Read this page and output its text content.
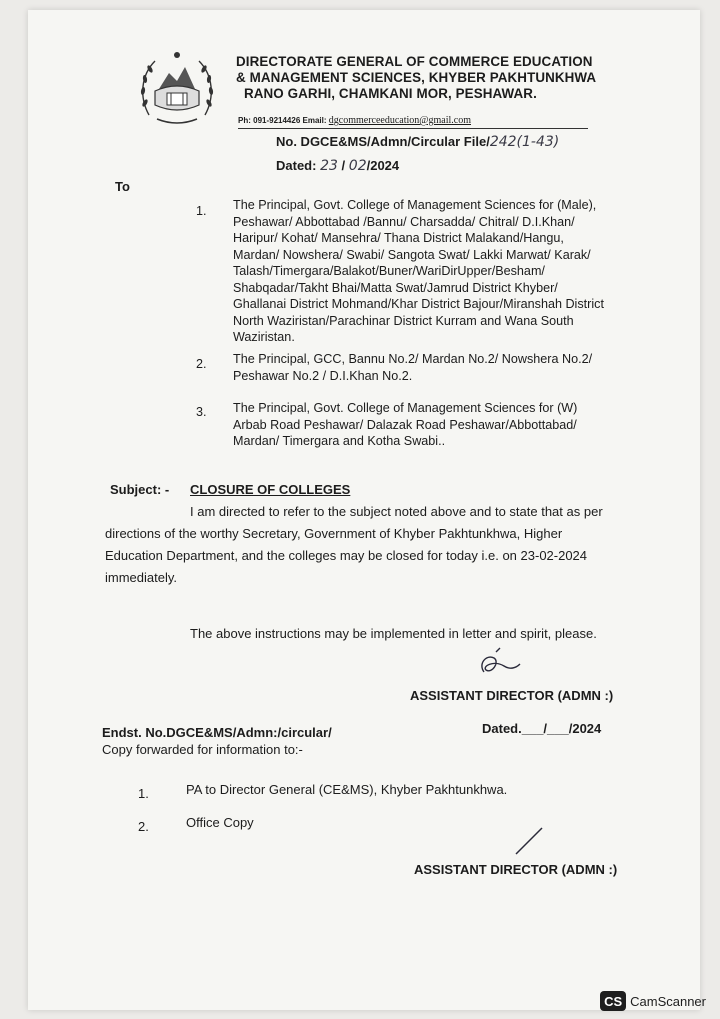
DIRECTORATE GENERAL OF COMMERCE EDUCATION
& MANAGEMENT SCIENCES, KHYBER PAKHTUNKHWA
RANO GARHI, CHAMKANI MOR, PESHAWAR.
Ph: 091-9214426 Email: dgcommerceeducation@gmail.com
No. DGCE&MS/Admn/Circular File/242(1-43)
Dated: 23 / 02/2024
To
1. The Principal, Govt. College of Management Sciences for (Male),
Peshawar/ Abbottabad /Bannu/ Charsadda/ Chitral/ D.I.Khan/
Haripur/ Kohat/ Mansehra/ Thana District Malakand/Hangu,
Mardan/ Nowshera/ Swabi/ Sangota Swat/ Lakki Marwat/ Karak/
Talash/Timergara/Balakot/Buner/WariDirUpper/Besham/
Shabqadar/Takht Bhai/Matta Swat/Jamrud District Khyber/
Ghallanai District Mohmand/Khar District Bajour/Miranshah District
North Waziristan/Parachinar District Kurram and Wana South
Waziristan.
2. The Principal, GCC, Bannu No.2/ Mardan No.2/ Nowshera No.2/
Peshawar No.2 / D.I.Khan No.2.
3. The Principal, Govt. College of Management Sciences for (W)
Arbab Road Peshawar/ Dalazak Road Peshawar/Abbottabad/
Mardan/ Timergara and Kotha Swabi..
Subject: - CLOSURE OF COLLEGES
I am directed to refer to the subject noted above and to state that as per
directions of the worthy Secretary, Government of Khyber Pakhtunkhwa, Higher
Education Department, and the colleges may be closed for today i.e. on 23-02-2024
immediately.
The above instructions may be implemented in letter and spirit, please.
ASSISTANT DIRECTOR (ADMN :)
Endst. No.DGCE&MS/Admn:/circular/	Dated.___/___/2024
Copy forwarded for information to:-
1.	PA to Director General (CE&MS), Khyber Pakhtunkhwa.
2.	Office Copy
ASSISTANT DIRECTOR (ADMN :)
CS CamScanner
